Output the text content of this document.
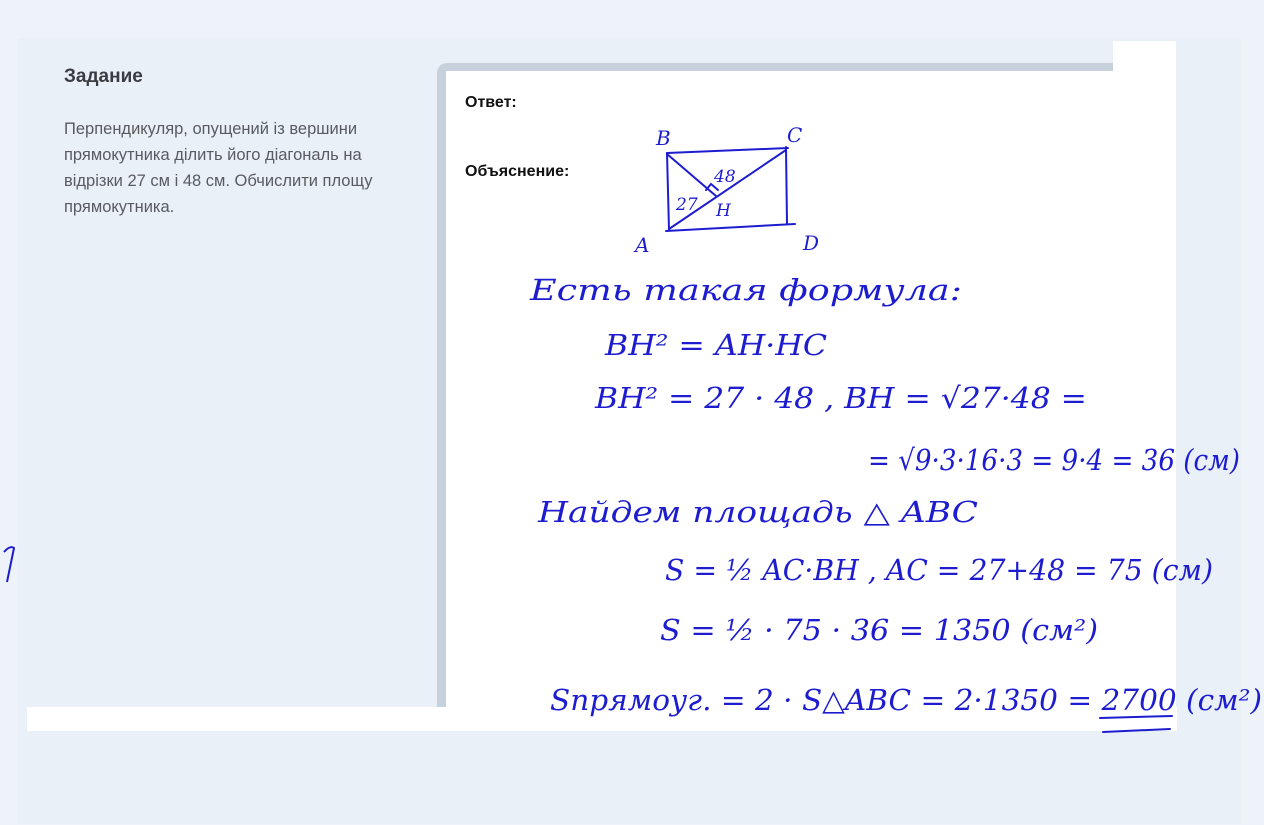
Задание

Перпендикуляр, опущений із вершини прямокутника ділить його діагональ на відрізки 27 см і 48 см. Обчислити площу прямокутника.

Ответ:
Объяснение:
B	C
A	D
48
27 H
Есть такая формула:
BH² = AH·HC
BH² = 27 · 48 , BH = √27·48 =
= √9·3·16·3 = 9·4 = 36 (см)
Найдем площадь △ ABC
S = ½ AC·BH , AC = 27+48 = 75 (см)
S = ½ · 75 · 36 = 1350 (см²)
Sпрямоуг. = 2 · S△ABC = 2·1350 = 2700 (см²)
